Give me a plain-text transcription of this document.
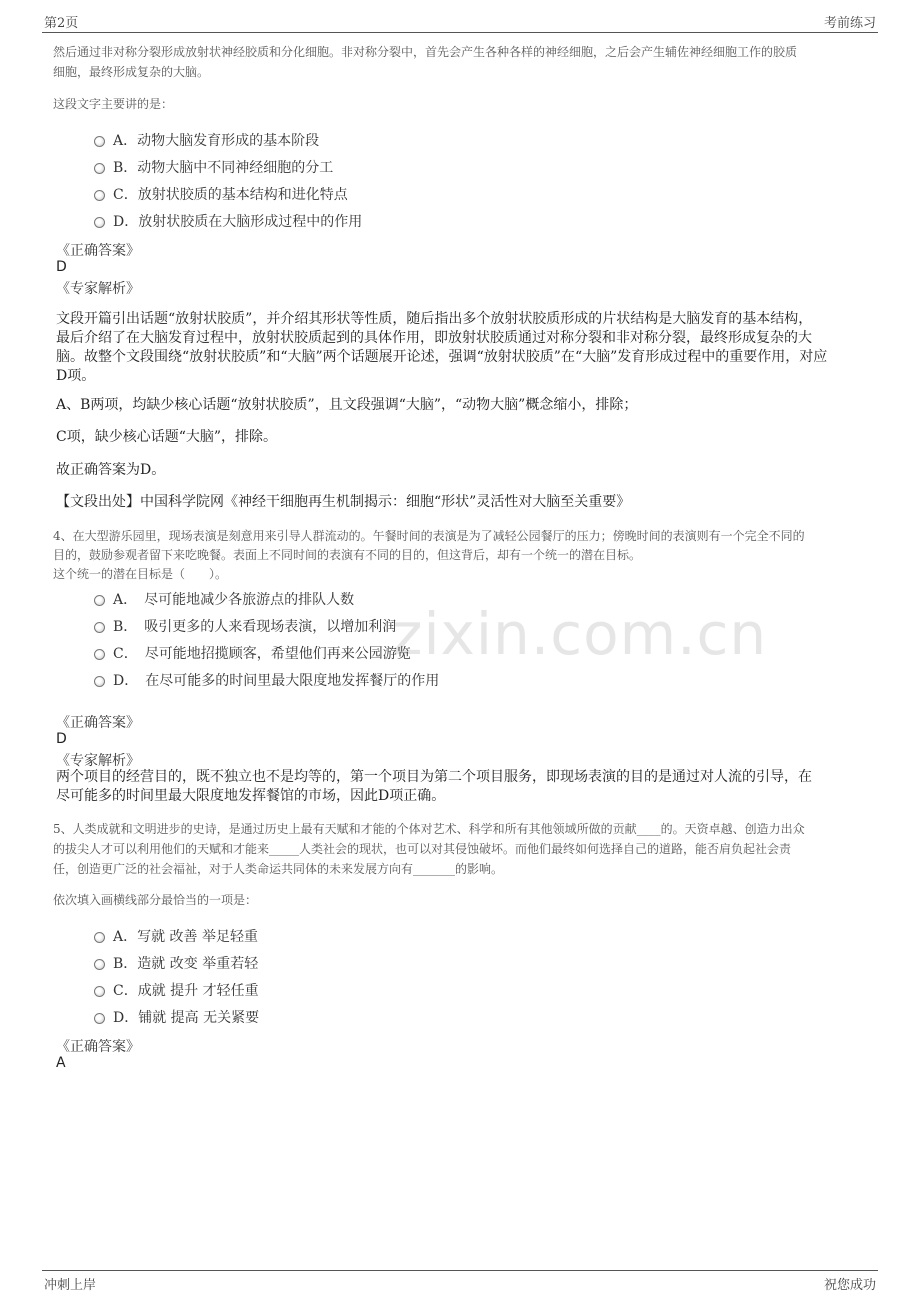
第2页	考前练习
zixin.com.cn
然后通过非对称分裂形成放射状神经胶质和分化细胞。非对称分裂中，首先会产生各种各样的神经细胞，之后会产生辅佐神经细胞工作的胶质
细胞，最终形成复杂的大脑。
这段文字主要讲的是：
A．动物大脑发育形成的基本阶段
B．动物大脑中不同神经细胞的分工
C．放射状胶质的基本结构和进化特点
D．放射状胶质在大脑形成过程中的作用
《正确答案》
D
《专家解析》
文段开篇引出话题“放射状胶质”，并介绍其形状等性质，随后指出多个放射状胶质形成的片状结构是大脑发育的基本结构，
最后介绍了在大脑发育过程中，放射状胶质起到的具体作用，即放射状胶质通过对称分裂和非对称分裂，最终形成复杂的大
脑。故整个文段围绕“放射状胶质”和“大脑”两个话题展开论述，强调“放射状胶质”在“大脑”发育形成过程中的重要作用，对应
D项。
A、B两项，均缺少核心话题“放射状胶质”，且文段强调“大脑”，“动物大脑”概念缩小，排除；
C项，缺少核心话题“大脑”，排除。
故正确答案为D。
【文段出处】中国科学院网《神经干细胞再生机制揭示：细胞“形状”灵活性对大脑至关重要》
4、在大型游乐园里，现场表演是刻意用来引导人群流动的。午餐时间的表演是为了减轻公园餐厅的压力；傍晚时间的表演则有一个完全不同的
目的，鼓励参观者留下来吃晚餐。表面上不同时间的表演有不同的目的，但这背后，却有一个统一的潜在目标。
这个统一的潜在目标是（　　）。
A．　尽可能地减少各旅游点的排队人数
B．　吸引更多的人来看现场表演，以增加利润
C．　尽可能地招揽顾客，希望他们再来公园游览
D．　在尽可能多的时间里最大限度地发挥餐厅的作用
《正确答案》
D
《专家解析》
两个项目的经营目的，既不独立也不是均等的，第一个项目为第二个项目服务，即现场表演的目的是通过对人流的引导，在
尽可能多的时间里最大限度地发挥餐馆的市场，因此D项正确。
5、人类成就和文明进步的史诗，是通过历史上最有天赋和才能的个体对艺术、科学和所有其他领域所做的贡献____的。天资卓越、创造力出众
的拔尖人才可以利用他们的天赋和才能来_____人类社会的现状，也可以对其侵蚀破坏。而他们最终如何选择自己的道路，能否肩负起社会责
任，创造更广泛的社会福祉，对于人类命运共同体的未来发展方向有_______的影响。
依次填入画横线部分最恰当的一项是：
A．写就 改善 举足轻重
B．造就 改变 举重若轻
C．成就 提升 才轻任重
D．铺就 提高 无关紧要
《正确答案》
A
冲刺上岸	祝您成功
